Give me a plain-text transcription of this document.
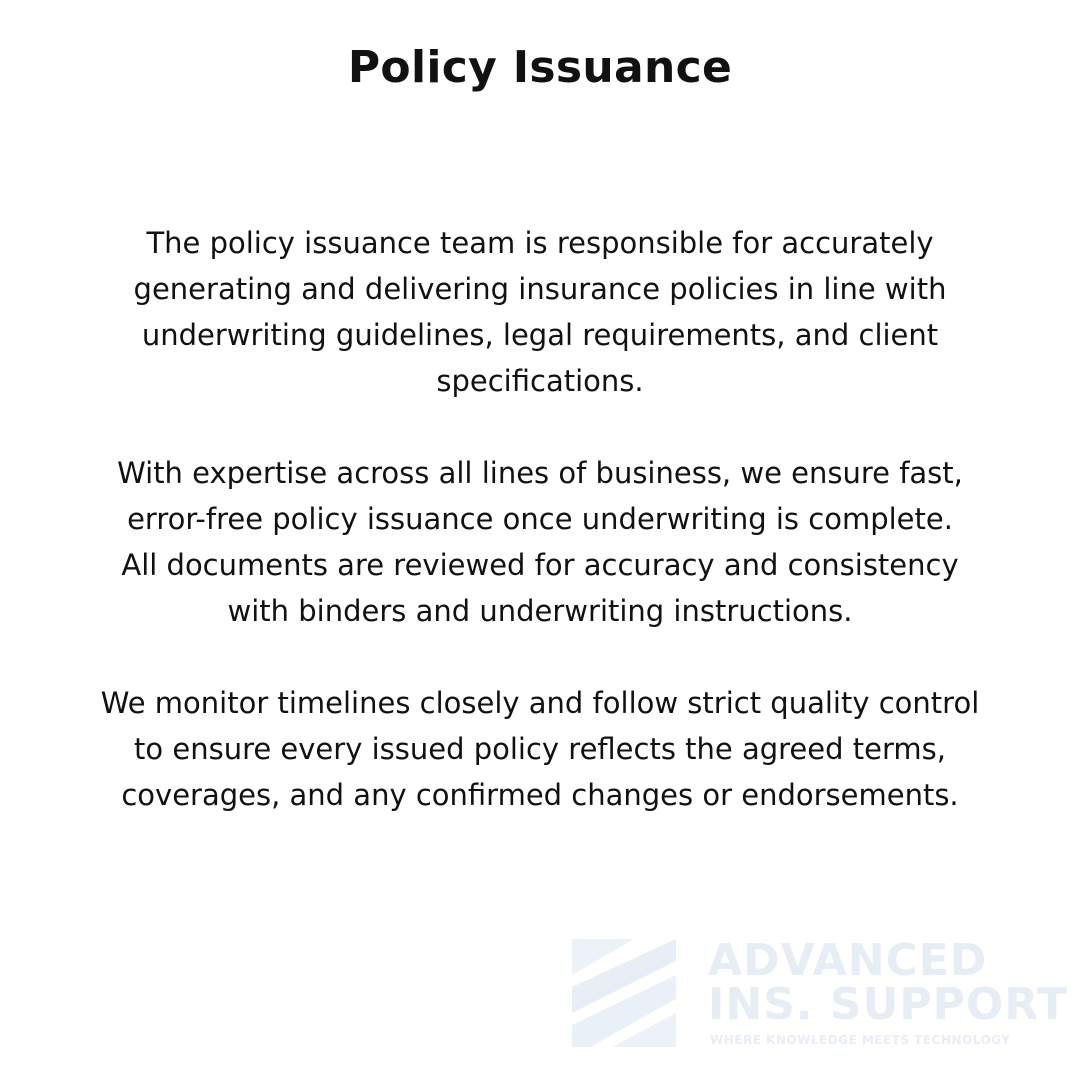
Policy Issuance

The policy issuance team is responsible for accurately
generating and delivering insurance policies in line with
underwriting guidelines, legal requirements, and client
specifications.

With expertise across all lines of business, we ensure fast,
error-free policy issuance once underwriting is complete.
All documents are reviewed for accuracy and consistency
with binders and underwriting instructions.

We monitor timelines closely and follow strict quality control
to ensure every issued policy reflects the agreed terms,
coverages, and any confirmed changes or endorsements.

ADVANCED
INS. SUPPORT
WHERE KNOWLEDGE MEETS TECHNOLOGY
